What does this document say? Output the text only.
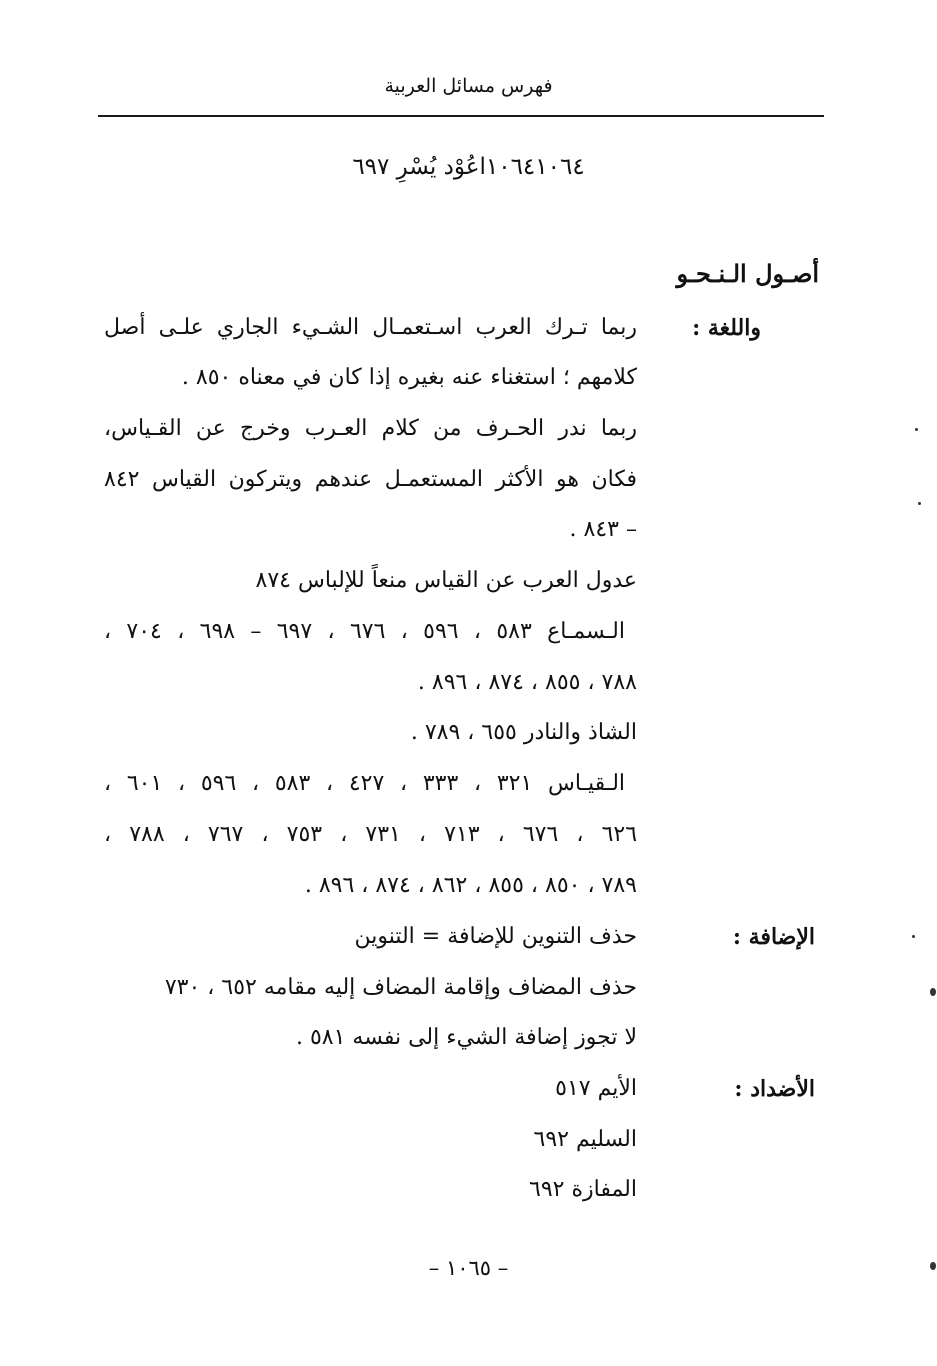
فهرس مسائل العربية
١٠٦٤١٠٦٤اعُوْد يُسْرِ ٦٩٧
أصـول الـنـحـو
واللغة :
ربما تـرك العرب اسـتعمـال الشـيء الجاري علـى أصل
كلامهم ؛ استغناء عنه بغيره إذا كان في معناه ٨٥٠ .
ربما ندر الحـرف من كلام العـرب وخرج عن القـياس،
فكان هو الأكثر المستعمـل عندهم ويتركون القياس ٨٤٢
– ٨٤٣ .
عدول العرب عن القياس منعاً للإلباس ٨٧٤
الـسمـاع ٥٨٣ ، ٥٩٦ ، ٦٧٦ ، ٦٩٧ – ٦٩٨ ، ٧٠٤ ،
٧٨٨ ، ٨٥٥ ، ٨٧٤ ، ٨٩٦ .
الشاذ والنادر ٦٥٥ ، ٧٨٩ .
الـقيـاس ٣٢١ ، ٣٣٣ ، ٤٢٧ ، ٥٨٣ ، ٥٩٦ ، ٦٠١ ،
٦٢٦ ، ٦٧٦ ، ٧١٣ ، ٧٣١ ، ٧٥٣ ، ٧٦٧ ، ٧٨٨ ،
٧٨٩ ، ٨٥٠ ، ٨٥٥ ، ٨٦٢ ، ٨٧٤ ، ٨٩٦ .
الإضافة :
حذف التنوين للإضافة = التنوين
حذف المضاف وإقامة المضاف إليه مقامه ٦٥٢ ، ٧٣٠
لا تجوز إضافة الشيء إلى نفسه ٥٨١ .
الأضداد :
الأيم ٥١٧
السليم ٦٩٢
المفازة ٦٩٢
– ١٠٦٥ –
